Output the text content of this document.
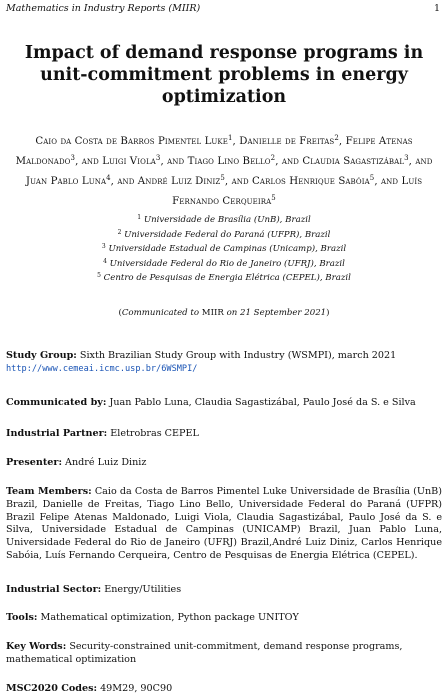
Mathematics in Industry Reports (MIIR)	1
Impact of demand response programs in unit-commitment problems in energy optimization
Caio da Costa de Barros Pimentel Luke$^1$, Danielle de Freitas$^2$, Felipe Atenas Maldonado$^3$, and Luigi Viola$^3$, and Tiago Lino Bello$^2$, and Claudia Sagastizábal$^3$, and Juan Pablo Luna$^4$, and André Luiz Diniz$^5$, and Carlos Henrique Sabóia$^5$, and Luís Fernando Cerqueira$^5$
$^1$ Universidade de Brasília (UnB), Brazil
$^2$ Universidade Federal do Paraná (UFPR), Brazil
$^3$ Universidade Estadual de Campinas (Unicamp), Brazil
$^4$ Universidade Federal do Rio de Janeiro (UFRJ), Brazil
$^5$ Centro de Pesquisas de Energia Elétrica (CEPEL), Brazil
(Communicated to MIIR on 21 September 2021)
Study Group: Sixth Brazilian Study Group with Industry (WSMPI), march 2021 http://www.cemeai.icmc.usp.br/6WSMPI/
Communicated by: Juan Pablo Luna, Claudia Sagastizábal, Paulo José da S. e Silva
Industrial Partner: Eletrobras CEPEL
Presenter: André Luiz Diniz
Team Members: Caio da Costa de Barros Pimentel Luke Universidade de Brasília (UnB) Brazil, Danielle de Freitas, Tiago Lino Bello, Universidade Federal do Paraná (UFPR) Brazil Felipe Atenas Maldonado, Luigi Viola, Claudia Sagastizábal, Paulo José da S. e Silva, Universidade Estadual de Campinas (UNICAMP) Brazil, Juan Pablo Luna, Universidade Federal do Rio de Janeiro (UFRJ) Brazil,André Luiz Diniz, Carlos Henrique Sabóia, Luís Fernando Cerqueira, Centro de Pesquisas de Energia Elétrica (CEPEL).
Industrial Sector: Energy/Utilities
Tools: Mathematical optimization, Python package UNITOY
Key Words: Security-constrained unit-commitment, demand response programs, mathematical optimization
MSC2020 Codes: 49M29, 90C90
